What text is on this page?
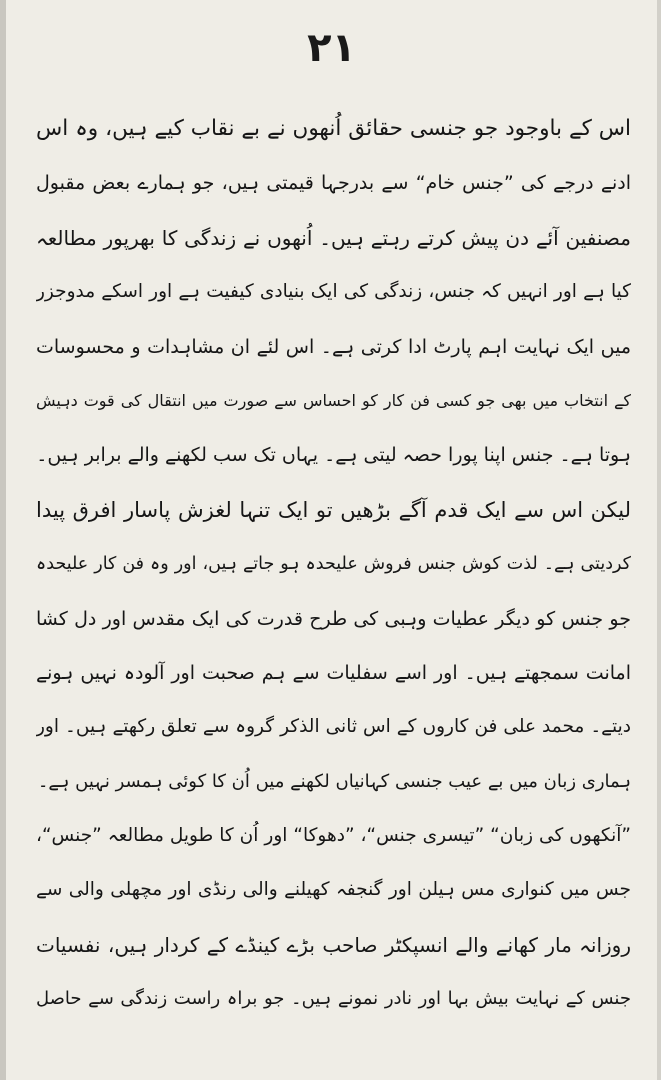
۲۱
اس کے باوجود جو جنسی حقائق اُنھوں نے بے نقاب کیے ہیں، وہ اس
ادنے درجے کی ”جنس خام“ سے بدرجہا قیمتی ہیں، جو ہمارے بعض مقبول
مصنفین آئے دن پیش کرتے رہتے ہیں۔ اُنھوں نے زندگی کا بھرپور مطالعہ
کیا ہے اور انہیں کہ جنس، زندگی کی ایک بنیادی کیفیت ہے اور اسکے مدوجزر
میں ایک نہایت اہم پارٹ ادا کرتی ہے۔ اس لئے ان مشاہدات و محسوسات
کے انتخاب میں بھی جو کسی فن کار کو احساس سے صورت میں انتقال کی قوت دہیش
ہوتا ہے۔ جنس اپنا پورا حصہ لیتی ہے۔ یہاں تک سب لکھنے والے برابر ہیں۔
لیکن اس سے ایک قدم آگے بڑھیں تو ایک تنہا لغزش پاسار افرق پیدا
کردیتی ہے۔ لذت کوش جنس فروش علیحدہ ہو جاتے ہیں، اور وہ فن کار علیحدہ
جو جنس کو دیگر عطیات وہبی کی طرح قدرت کی ایک مقدس اور دل کشا
امانت سمجھتے ہیں۔ اور اسے سفلیات سے ہم صحبت اور آلودہ نہیں ہونے
دیتے۔ محمد علی فن کاروں کے اس ثانی الذکر گروہ سے تعلق رکھتے ہیں۔ اور
ہماری زبان میں بے عیب جنسی کہانیاں لکھنے میں اُن کا کوئی ہمسر نہیں ہے۔
”آنکھوں کی زبان“ ”تیسری جنس“، ”دھوکا“ اور اُن کا طویل مطالعہ ”جنس“،
جس میں کنواری مس ہیلن اور گنجفہ کھیلنے والی رنڈی اور مچھلی والی سے
روزانہ مار کھانے والے انسپکٹر صاحب بڑے کینڈے کے کردار ہیں، نفسیات
جنس کے نہایت بیش بہا اور نادر نمونے ہیں۔ جو براہ راست زندگی سے حاصل
